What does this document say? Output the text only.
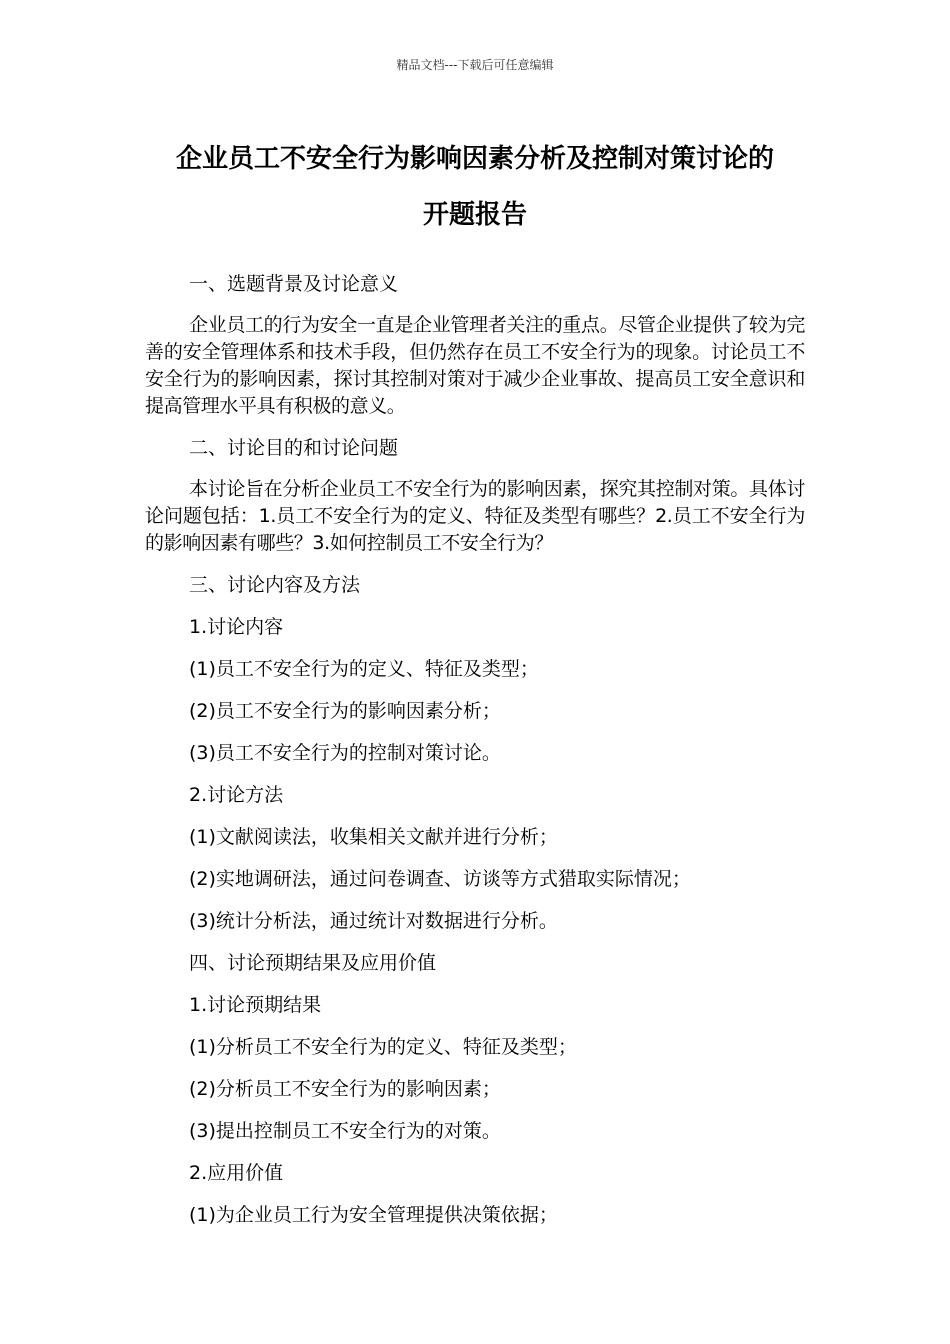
精品文档---下载后可任意编辑
企业员工不安全行为影响因素分析及控制对策讨论的
开题报告
一、选题背景及讨论意义

企业员工的行为安全一直是企业管理者关注的重点。尽管企业提供了较为完善的安全管理体系和技术手段，但仍然存在员工不安全行为的现象。讨论员工不安全行为的影响因素，探讨其控制对策对于减少企业事故、提高员工安全意识和提高管理水平具有积极的意义。

二、讨论目的和讨论问题

本讨论旨在分析企业员工不安全行为的影响因素，探究其控制对策。具体讨论问题包括：1.员工不安全行为的定义、特征及类型有哪些？2.员工不安全行为的影响因素有哪些？3.如何控制员工不安全行为？

三、讨论内容及方法
1.讨论内容
(1)员工不安全行为的定义、特征及类型；
(2)员工不安全行为的影响因素分析；
(3)员工不安全行为的控制对策讨论。
2.讨论方法
(1)文献阅读法，收集相关文献并进行分析；
(2)实地调研法，通过问卷调查、访谈等方式猎取实际情况；
(3)统计分析法，通过统计对数据进行分析。
四、讨论预期结果及应用价值
1.讨论预期结果
(1)分析员工不安全行为的定义、特征及类型；
(2)分析员工不安全行为的影响因素；
(3)提出控制员工不安全行为的对策。
2.应用价值
(1)为企业员工行为安全管理提供决策依据；
